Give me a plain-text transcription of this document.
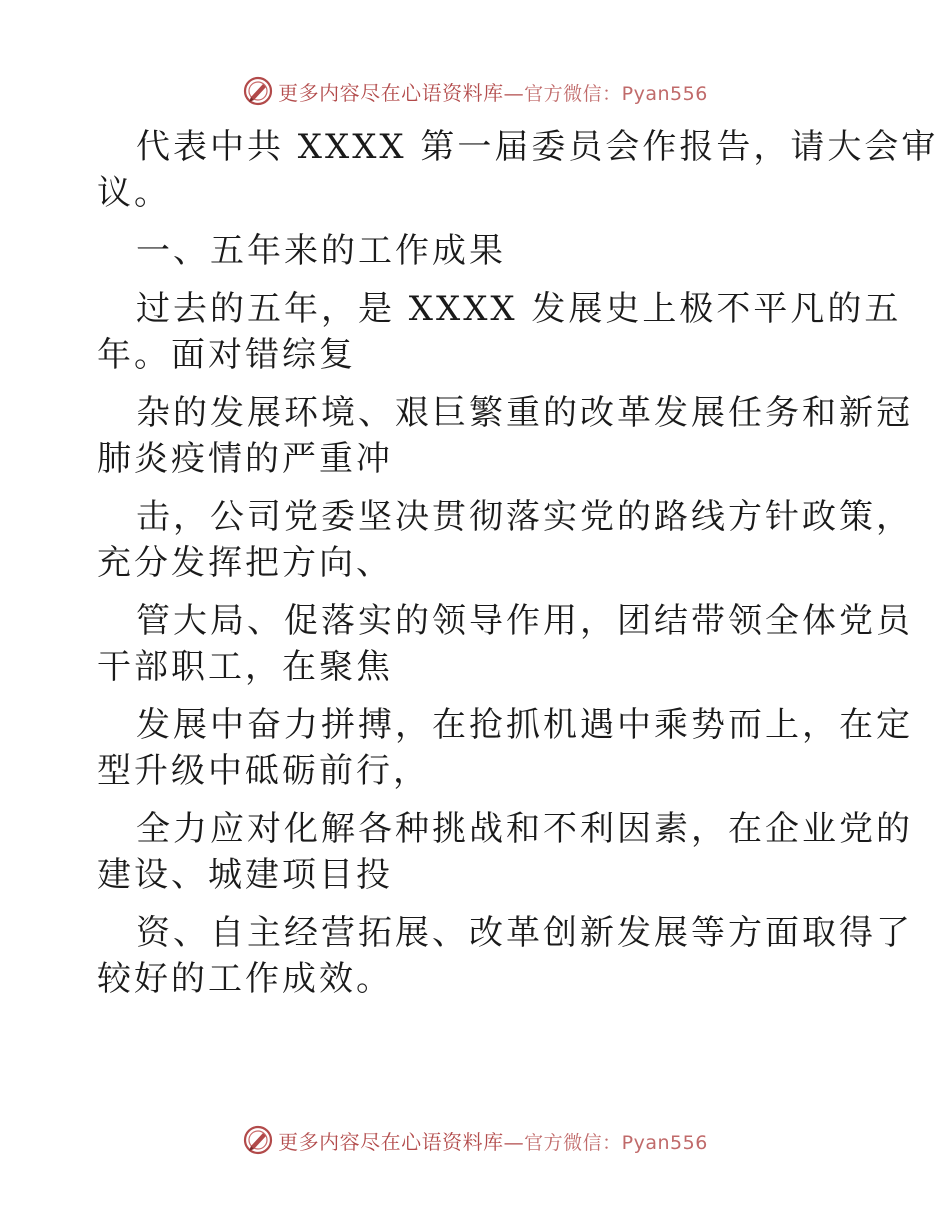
更多内容尽在心语资料库—官方微信：Pyan556
代表中共 XXXX 第一届委员会作报告，请大会审
议。
一、五年来的工作成果
过去的五年，是 XXXX 发展史上极不平凡的五
年。面对错综复
杂的发展环境、艰巨繁重的改革发展任务和新冠
肺炎疫情的严重冲
击，公司党委坚决贯彻落实党的路线方针政策，
充分发挥把方向、
管大局、促落实的领导作用，团结带领全体党员
干部职工，在聚焦
发展中奋力拼搏，在抢抓机遇中乘势而上，在定
型升级中砥砺前行，
全力应对化解各种挑战和不利因素，在企业党的
建设、城建项目投
资、自主经营拓展、改革创新发展等方面取得了
较好的工作成效。
更多内容尽在心语资料库—官方微信：Pyan556
